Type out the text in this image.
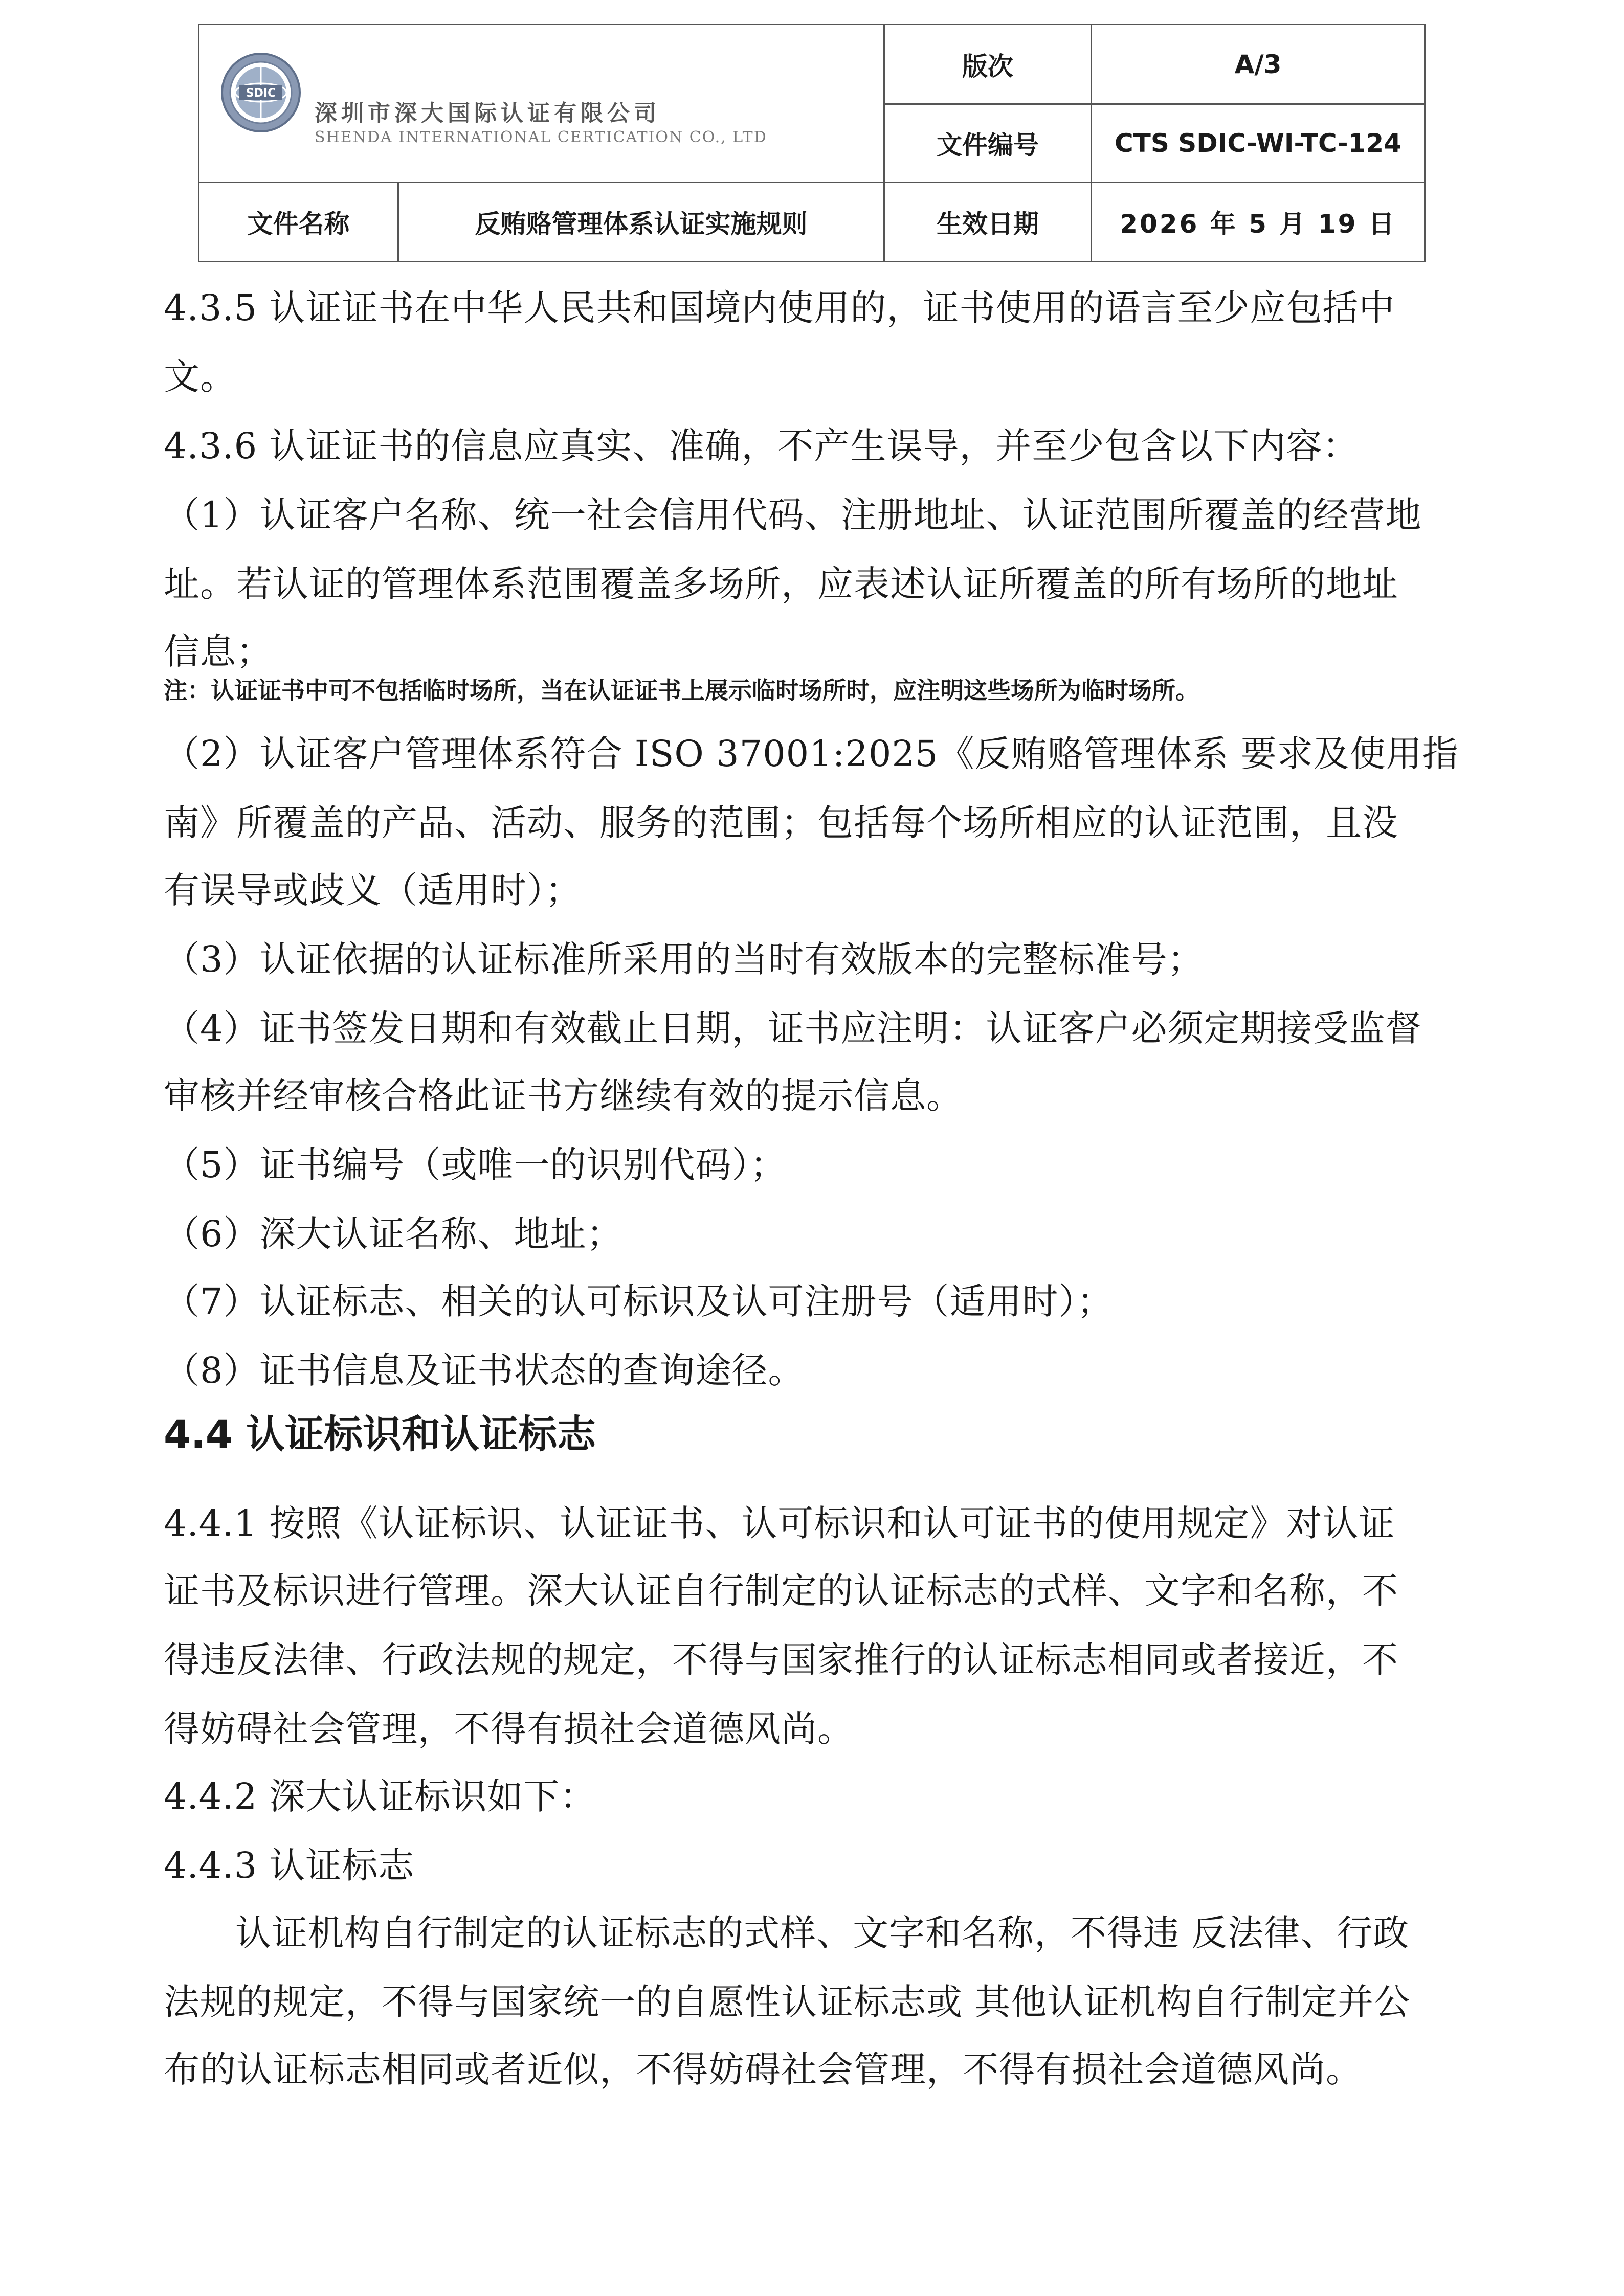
SDIC
深圳市深大国际认证有限公司
SHENDA INTERNATIONAL CERTICATION CO., LTD
版次	A/3
文件编号	CTS SDIC-WI-TC-124
文件名称	反贿赂管理体系认证实施规则	生效日期	2026 年 5 月 19 日
4.3.5 认证证书在中华人民共和国境内使用的，证书使用的语言至少应包括中
文。
4.3.6 认证证书的信息应真实、准确，不产生误导，并至少包含以下内容：
（1）认证客户名称、统一社会信用代码、注册地址、认证范围所覆盖的经营地
址。若认证的管理体系范围覆盖多场所，应表述认证所覆盖的所有场所的地址
信息；
注：认证证书中可不包括临时场所，当在认证证书上展示临时场所时，应注明这些场所为临时场所。
（2）认证客户管理体系符合 ISO 37001:2025《反贿赂管理体系 要求及使用指
南》所覆盖的产品、活动、服务的范围；包括每个场所相应的认证范围，且没
有误导或歧义（适用时）；
（3）认证依据的认证标准所采用的当时有效版本的完整标准号；
（4）证书签发日期和有效截止日期，证书应注明：认证客户必须定期接受监督
审核并经审核合格此证书方继续有效的提示信息。
（5）证书编号（或唯一的识别代码）；
（6）深大认证名称、地址；
（7）认证标志、相关的认可标识及认可注册号（适用时）；
（8）证书信息及证书状态的查询途径。
4.4 认证标识和认证标志
4.4.1 按照《认证标识、认证证书、认可标识和认可证书的使用规定》对认证
证书及标识进行管理。深大认证自行制定的认证标志的式样、文字和名称，不
得违反法律、行政法规的规定，不得与国家推行的认证标志相同或者接近，不
得妨碍社会管理，不得有损社会道德风尚。
4.4.2 深大认证标识如下：
4.4.3 认证标志
认证机构自行制定的认证标志的式样、文字和名称，不得违 反法律、行政
法规的规定，不得与国家统一的自愿性认证标志或 其他认证机构自行制定并公
布的认证标志相同或者近似，不得妨碍社会管理，不得有损社会道德风尚。
